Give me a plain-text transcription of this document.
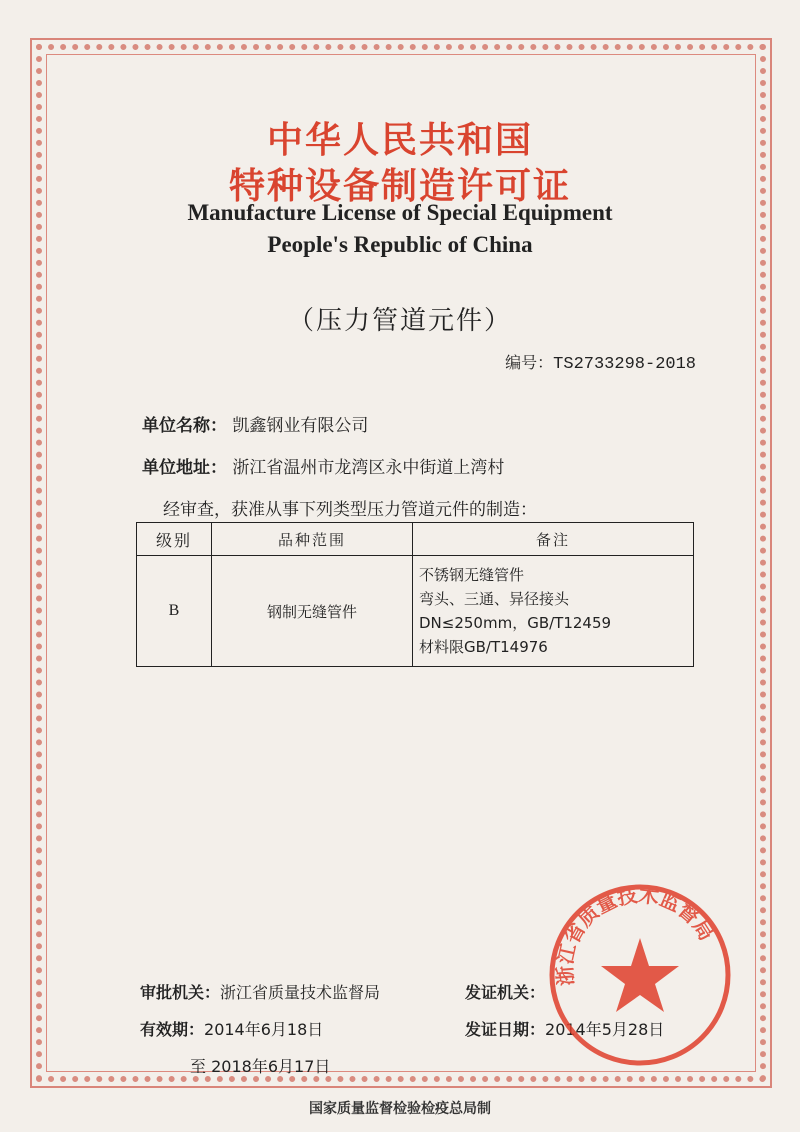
中华人民共和国
特种设备制造许可证
Manufacture License of Special Equipment
People's Republic of China
（压力管道元件）
编号：TS2733298-2018
单位名称： 凯鑫钢业有限公司
单位地址： 浙江省温州市龙湾区永中街道上湾村
经审查，获准从事下列类型压力管道元件的制造：
级别	品种范围	备注
B	钢制无缝管件	不锈钢无缝管件
弯头、三通、异径接头
DN≤250mm，GB/T12459
材料限GB/T14976
审批机关：浙江省质量技术监督局	发证机关：
有效期：2014年6月18日	发证日期：2014年5月28日
至 2018年6月17日
浙江省质量技术监督局
国家质量监督检验检疫总局制
